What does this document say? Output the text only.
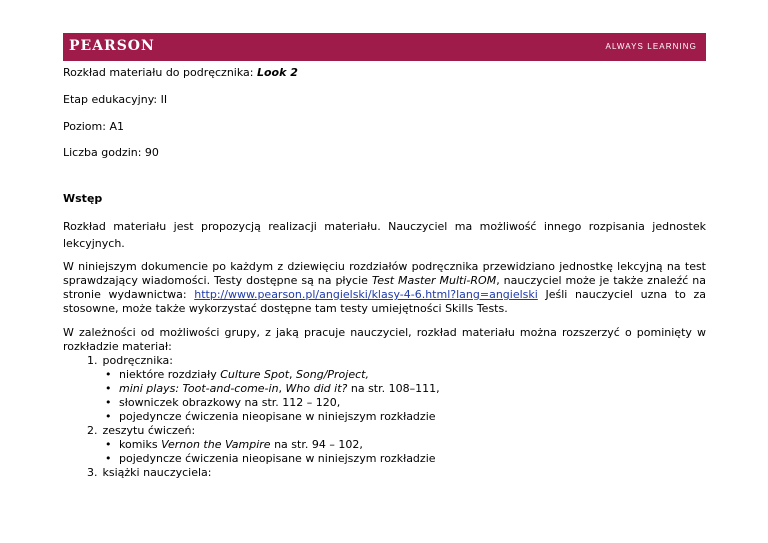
PEARSON	ALWAYS LEARNING
Rozkład materiału do podręcznika: Look 2
Etap edukacyjny: II
Poziom: A1
Liczba godzin: 90
Wstęp
Rozkład materiału jest propozycją realizacji materiału. Nauczyciel ma możliwość innego rozpisania jednostek lekcyjnych.
W niniejszym dokumencie po każdym z dziewięciu rozdziałów podręcznika przewidziano jednostkę lekcyjną na test sprawdzający wiadomości. Testy dostępne są na płycie Test Master Multi-ROM, nauczyciel może je także znaleźć na stronie wydawnictwa: http://www.pearson.pl/angielski/klasy-4-6.html?lang=angielski Jeśli nauczyciel uzna to za stosowne, może także wykorzystać dostępne tam testy umiejętności Skills Tests.
W zależności od możliwości grupy, z jaką pracuje nauczyciel, rozkład materiału można rozszerzyć o pominięty w rozkładzie materiał:
1. podręcznika:
• niektóre rozdziały Culture Spot, Song/Project,
• mini plays: Toot-and-come-in, Who did it? na str. 108–111,
• słowniczek obrazkowy na str. 112 – 120,
• pojedyncze ćwiczenia nieopisane w niniejszym rozkładzie
2. zeszytu ćwiczeń:
• komiks Vernon the Vampire na str. 94 – 102,
• pojedyncze ćwiczenia nieopisane w niniejszym rozkładzie
3. książki nauczyciela:
